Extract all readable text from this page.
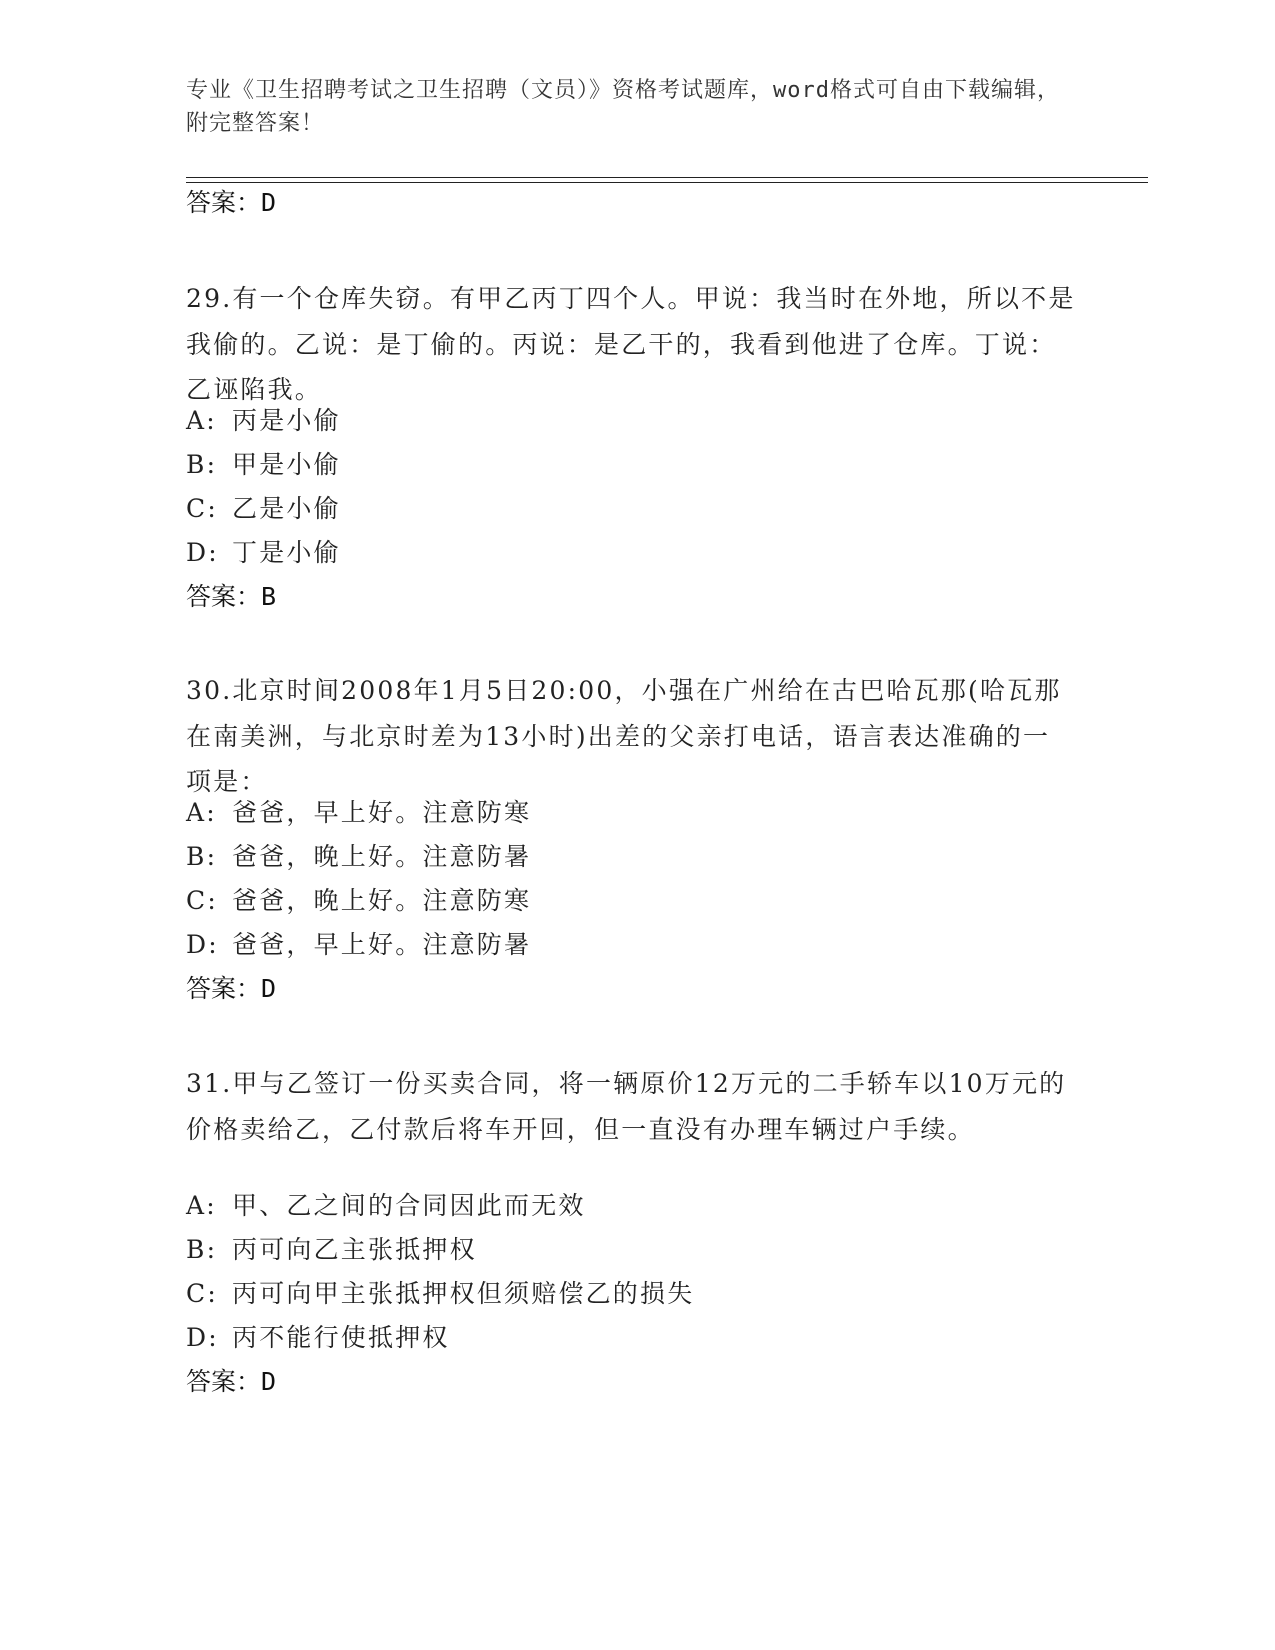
专业《卫生招聘考试之卫生招聘（文员）》资格考试题库，word格式可自由下载编辑，附完整答案！
答案：D
29.有一个仓库失窃。有甲乙丙丁四个人。甲说：我当时在外地，所以不是我偷的。乙说：是丁偷的。丙说：是乙干的，我看到他进了仓库。丁说：乙诬陷我。
A: 丙是小偷
B: 甲是小偷
C: 乙是小偷
D: 丁是小偷
答案：B
30.北京时间2008年1月5日20:00，小强在广州给在古巴哈瓦那(哈瓦那在南美洲，与北京时差为13小时)出差的父亲打电话，语言表达准确的一项是：
A: 爸爸，早上好。注意防寒
B: 爸爸，晚上好。注意防暑
C: 爸爸，晚上好。注意防寒
D: 爸爸，早上好。注意防暑
答案：D
31.甲与乙签订一份买卖合同，将一辆原价12万元的二手轿车以10万元的价格卖给乙，乙付款后将车开回，但一直没有办理车辆过户手续。
A: 甲、乙之间的合同因此而无效
B: 丙可向乙主张抵押权
C: 丙可向甲主张抵押权但须赔偿乙的损失
D: 丙不能行使抵押权
答案：D
